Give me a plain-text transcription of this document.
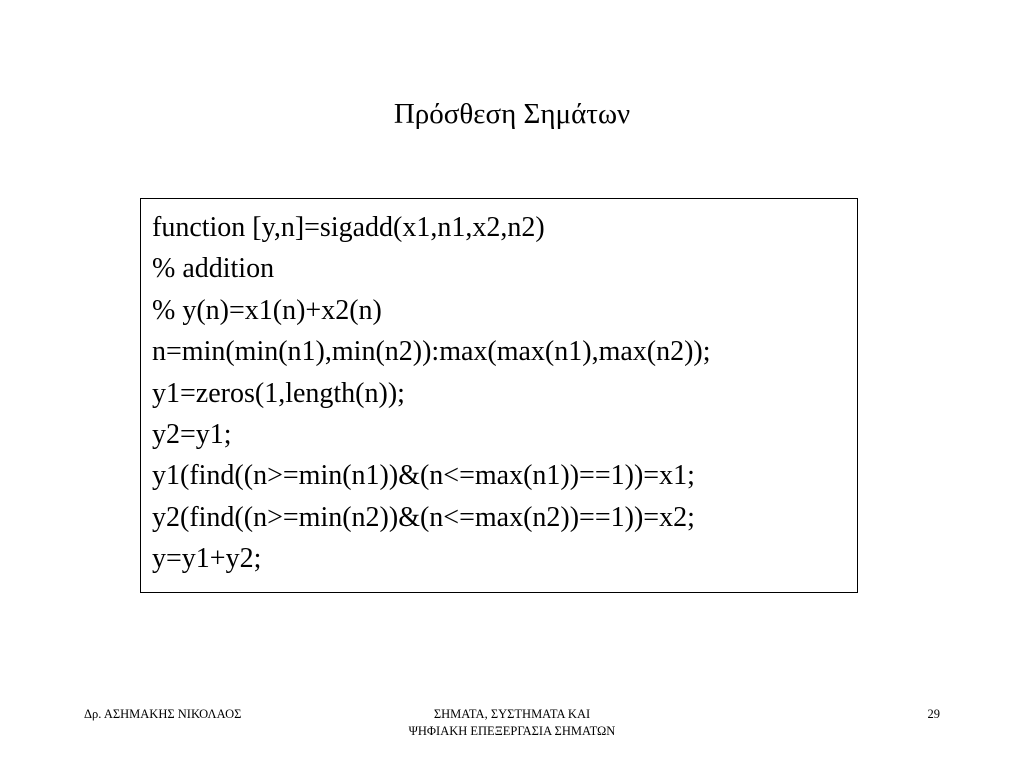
Πρόσθεση Σημάτων
function [y,n]=sigadd(x1,n1,x2,n2)
% addition
% y(n)=x1(n)+x2(n)
n=min(min(n1),min(n2)):max(max(n1),max(n2));
y1=zeros(1,length(n));
y2=y1;
y1(find((n>=min(n1))&(n<=max(n1))==1))=x1;
y2(find((n>=min(n2))&(n<=max(n2))==1))=x2;
y=y1+y2;
Δρ. ΑΣΗΜΑΚΗΣ ΝΙΚΟΛΑΟΣ	ΣΗΜΑΤΑ, ΣΥΣΤΗΜΑΤΑ ΚΑΙ
ΨΗΦΙΑΚΗ ΕΠΕΞΕΡΓΑΣΙΑ ΣΗΜΑΤΩΝ
29
